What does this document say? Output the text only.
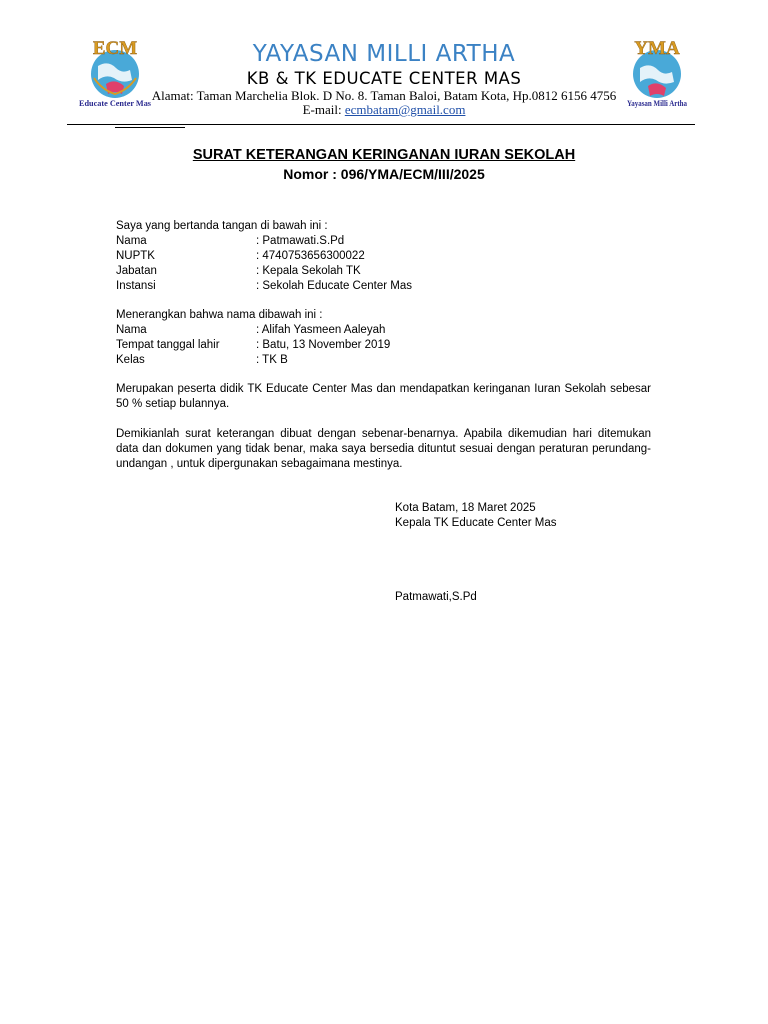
ECM
Educate Center Mas
YMA
Yayasan Milli Artha
YAYASAN MILLI ARTHA
KB & TK EDUCATE CENTER MAS
Alamat: Taman Marchelia Blok. D No. 8. Taman Baloi, Batam Kota, Hp.0812 6156 4756
E-mail: ecmbatam@gmail.com
SURAT KETERANGAN KERINGANAN IURAN SEKOLAH
Nomor : 096/YMA/ECM/III/2025
Saya yang bertanda tangan di bawah ini :
Nama	: Patmawati.S.Pd
NUPTK	: 4740753656300022
Jabatan	: Kepala Sekolah TK
Instansi	: Sekolah Educate Center Mas
Menerangkan bahwa nama dibawah ini :
Nama	: Alifah Yasmeen Aaleyah
Tempat tanggal lahir	: Batu, 13 November 2019
Kelas	: TK B
Merupakan peserta didik TK Educate Center Mas dan mendapatkan keringanan Iuran Sekolah sebesar 50 % setiap bulannya.
Demikianlah surat keterangan dibuat dengan sebenar-benarnya. Apabila dikemudian hari ditemukan data dan dokumen yang tidak benar, maka saya bersedia dituntut sesuai dengan peraturan perundang-undangan , untuk dipergunakan sebagaimana mestinya.
Kota Batam, 18 Maret 2025
Kepala TK Educate Center Mas
Patmawati,S.Pd
